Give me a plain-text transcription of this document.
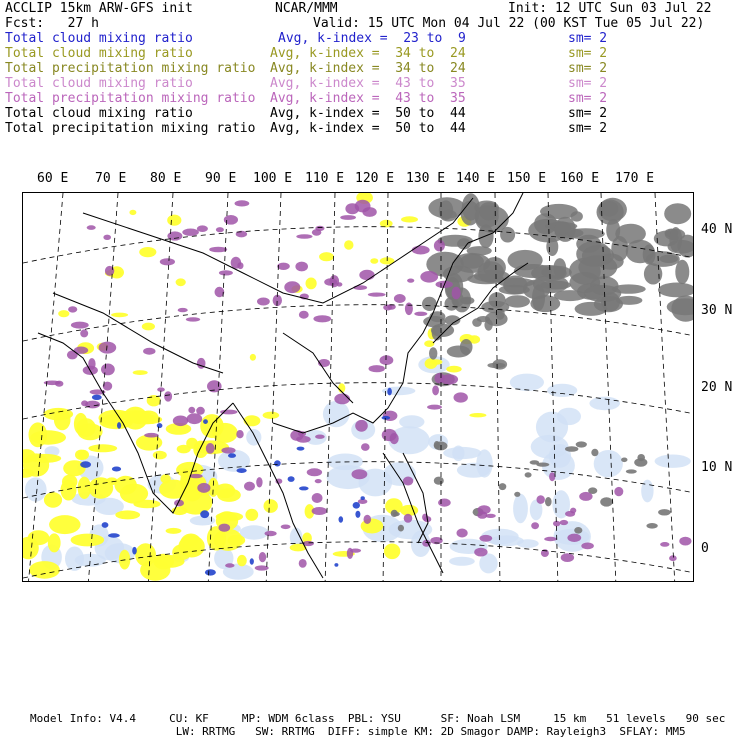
ACCLIP 15km ARW-GFS init	NCAR/MMM	Init: 12 UTC Sun 03 Jul 22
Fcst:   27 h	Valid: 15 UTC Mon 04 Jul 22 (00 KST Tue 05 Jul 22)
Total cloud mixing ratio	Avg, k-index =  23 to  9	sm= 2
Total cloud mixing ratio	Avg, k-index =  34 to  24	sm= 2
Total precipitation mixing ratio Avg, k-index =  34 to  24	sm= 2
Total cloud mixing ratio	Avg, k-index =  43 to  35	sm= 2
Total precipitation mixing ratio Avg, k-index =  43 to  35	sm= 2
Total cloud mixing ratio	Avg, k-index =  50 to  44	sm= 2
Total precipitation mixing ratio Avg, k-index =  50 to  44	sm= 2
60 E 70 E 80 E 90 E 100 E 110 E 120 E 130 E 140 E 150 E 160 E 170 E
40 N
30 N
20 N
10 N
0
Model Info: V4.4     CU: KF     MP: WDM 6class  PBL: YSU      SF: Noah LSM     15 km   51 levels   90 sec
LW: RRTMG   SW: RRTMG  DIFF: simple KM: 2D Smagor DAMP: Rayleigh3  SFLAY: MM5
